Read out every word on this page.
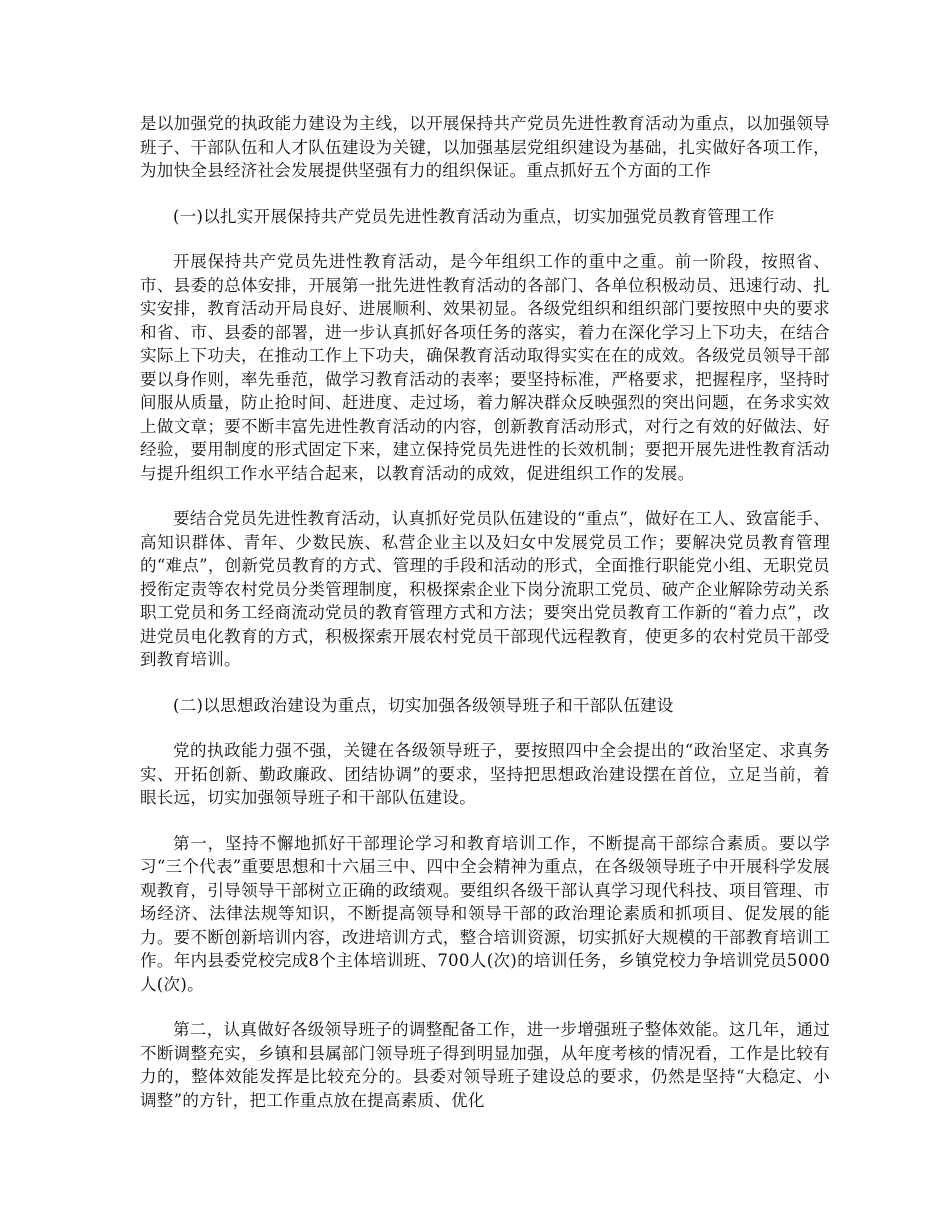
是以加强党的执政能力建设为主线，以开展保持共产党员先进性教育活动为重点，以加强领导班子、干部队伍和人才队伍建设为关键，以加强基层党组织建设为基础，扎实做好各项工作，为加快全县经济社会发展提供坚强有力的组织保证。重点抓好五个方面的工作

(一)以扎实开展保持共产党员先进性教育活动为重点，切实加强党员教育管理工作

开展保持共产党员先进性教育活动，是今年组织工作的重中之重。前一阶段，按照省、市、县委的总体安排，开展第一批先进性教育活动的各部门、各单位积极动员、迅速行动、扎实安排，教育活动开局良好、进展顺利、效果初显。各级党组织和组织部门要按照中央的要求和省、市、县委的部署，进一步认真抓好各项任务的落实，着力在深化学习上下功夫，在结合实际上下功夫，在推动工作上下功夫，确保教育活动取得实实在在的成效。各级党员领导干部要以身作则，率先垂范，做学习教育活动的表率；要坚持标准，严格要求，把握程序，坚持时间服从质量，防止抢时间、赶进度、走过场，着力解决群众反映强烈的突出问题，在务求实效上做文章；要不断丰富先进性教育活动的内容，创新教育活动形式，对行之有效的好做法、好经验，要用制度的形式固定下来，建立保持党员先进性的长效机制；要把开展先进性教育活动与提升组织工作水平结合起来，以教育活动的成效，促进组织工作的发展。

要结合党员先进性教育活动，认真抓好党员队伍建设的“重点”，做好在工人、致富能手、高知识群体、青年、少数民族、私营企业主以及妇女中发展党员工作；要解决党员教育管理的“难点”，创新党员教育的方式、管理的手段和活动的形式，全面推行职能党小组、无职党员授衔定责等农村党员分类管理制度，积极探索企业下岗分流职工党员、破产企业解除劳动关系职工党员和务工经商流动党员的教育管理方式和方法；要突出党员教育工作新的“着力点”，改进党员电化教育的方式，积极探索开展农村党员干部现代远程教育，使更多的农村党员干部受到教育培训。

(二)以思想政治建设为重点，切实加强各级领导班子和干部队伍建设

党的执政能力强不强，关键在各级领导班子，要按照四中全会提出的“政治坚定、求真务实、开拓创新、勤政廉政、团结协调”的要求，坚持把思想政治建设摆在首位，立足当前，着眼长远，切实加强领导班子和干部队伍建设。

第一，坚持不懈地抓好干部理论学习和教育培训工作，不断提高干部综合素质。要以学习“三个代表”重要思想和十六届三中、四中全会精神为重点，在各级领导班子中开展科学发展观教育，引导领导干部树立正确的政绩观。要组织各级干部认真学习现代科技、项目管理、市场经济、法律法规等知识，不断提高领导和领导干部的政治理论素质和抓项目、促发展的能力。要不断创新培训内容，改进培训方式，整合培训资源，切实抓好大规模的干部教育培训工作。年内县委党校完成8个主体培训班、700人(次)的培训任务，乡镇党校力争培训党员5000人(次)。

第二，认真做好各级领导班子的调整配备工作，进一步增强班子整体效能。这几年，通过不断调整充实，乡镇和县属部门领导班子得到明显加强，从年度考核的情况看，工作是比较有力的，整体效能发挥是比较充分的。县委对领导班子建设总的要求，仍然是坚持“大稳定、小调整”的方针，把工作重点放在提高素质、优化
